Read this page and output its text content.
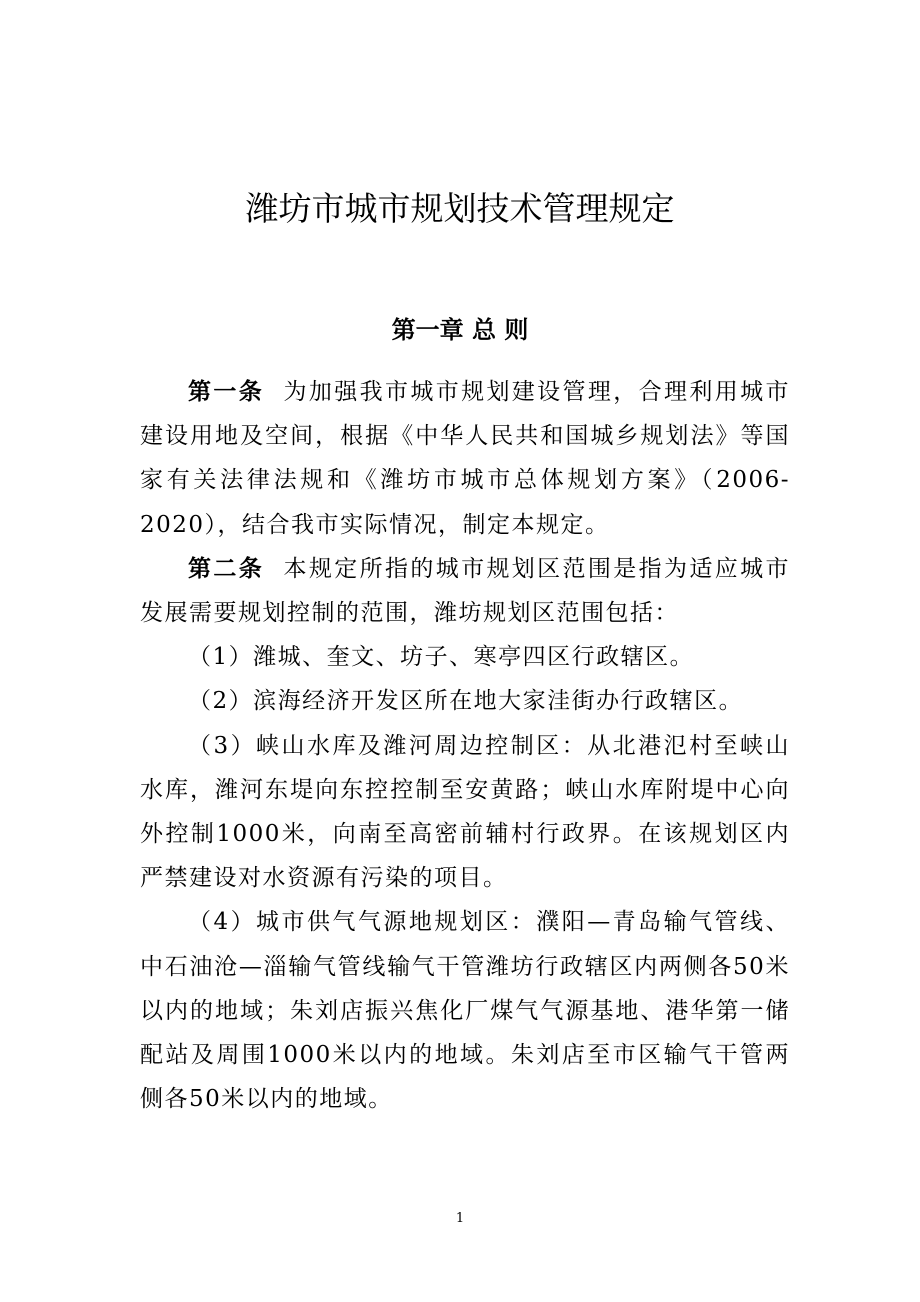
潍坊市城市规划技术管理规定
第一章 总 则

第一条 为加强我市城市规划建设管理，合理利用城市建设用地及空间，根据《中华人民共和国城乡规划法》等国家有关法律法规和《潍坊市城市总体规划方案》（2006-2020），结合我市实际情况，制定本规定。

第二条 本规定所指的城市规划区范围是指为适应城市发展需要规划控制的范围，潍坊规划区范围包括：

（1）潍城、奎文、坊子、寒亭四区行政辖区。

（2）滨海经济开发区所在地大家洼街办行政辖区。

（3）峡山水库及潍河周边控制区：从北港氾村至峡山水库，潍河东堤向东控控制至安黄路；峡山水库附堤中心向外控制1000米，向南至高密前辅村行政界。在该规划区内严禁建设对水资源有污染的项目。

（4）城市供气气源地规划区：濮阳—青岛输气管线、中石油沧—淄输气管线输气干管潍坊行政辖区内两侧各50米以内的地域；朱刘店振兴焦化厂煤气气源基地、港华第一储配站及周围1000米以内的地域。朱刘店至市区输气干管两侧各50米以内的地域。

1
